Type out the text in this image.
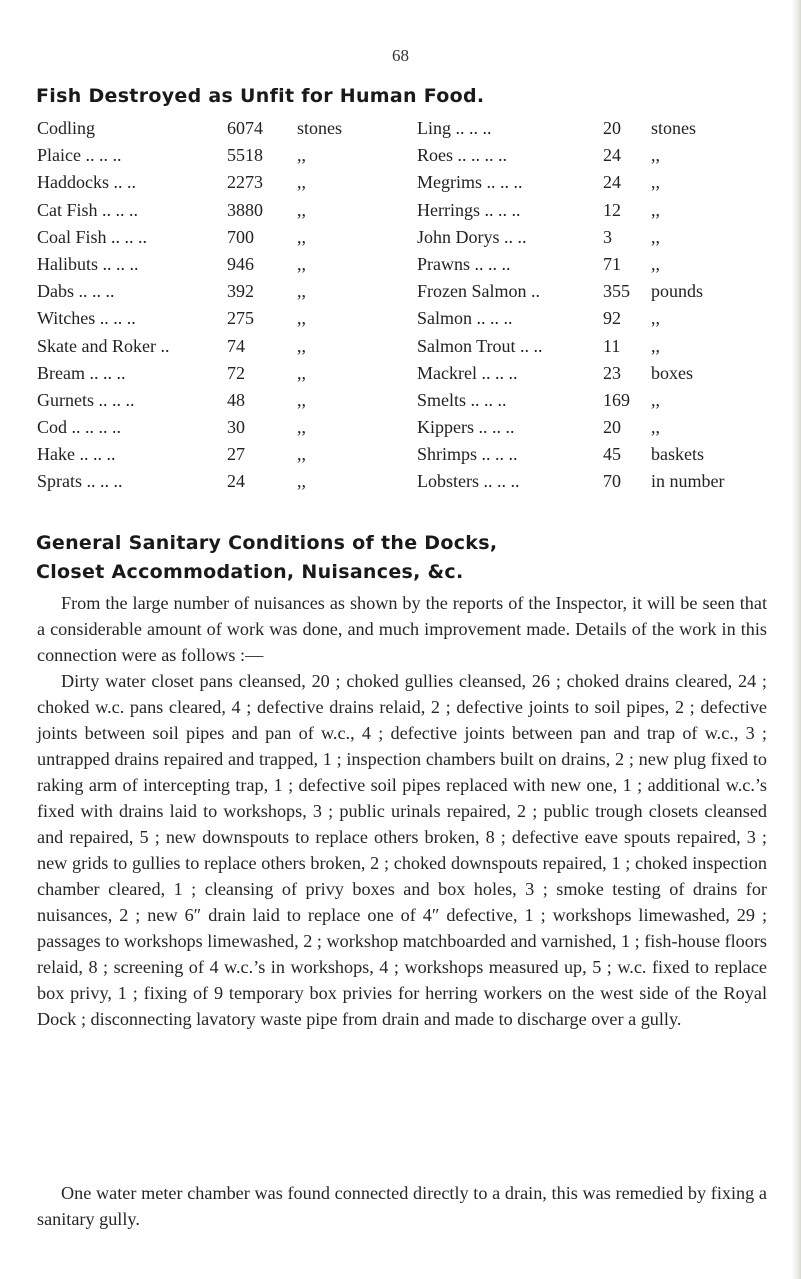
68
Fish Destroyed as Unfit for Human Food.
Codling	6074 stones	Ling .. .. ..	20 stones
Plaice .. .. ..	5518 ,,	Roes .. .. .. ..	24 ,,
Haddocks .. ..	2273 ,,	Megrims .. .. ..	24 ,,
Cat Fish .. .. ..	3880 ,,	Herrings .. .. ..	12 ,,
Coal Fish .. .. ..	700 ,,	John Dorys .. ..	3 ,,
Halibuts .. .. ..	946 ,,	Prawns .. .. ..	71 ,,
Dabs .. .. ..	392 ,,	Frozen Salmon ..	355 pounds
Witches .. .. ..	275 ,,	Salmon .. .. ..	92 ,,
Skate and Roker ..	74	,,	Salmon Trout .. ..	11 ,,
Bream .. .. ..	72	,,	Mackrel .. .. ..	23 boxes
Gurnets .. .. ..	48	,,	Smelts .. .. ..	169 ,,
Cod .. .. .. ..	30	,,	Kippers .. .. ..	20 ,,
Hake .. .. ..	27	,,	Shrimps .. .. ..	45 baskets
Sprats .. .. ..	24	,,	Lobsters .. .. ..	70 in number
General Sanitary Conditions of the Docks,
Closet Accommodation, Nuisances, &c.

From the large number of nuisances as shown by the reports of the Inspector, it will be seen that a considerable amount of work was done, and much improvement made. Details of the work in this connection were as follows :—

Dirty water closet pans cleansed, 20 ; choked gullies cleansed, 26 ; choked drains cleared, 24 ; choked w.c. pans cleared, 4 ; defective drains relaid, 2 ; defective joints to soil pipes, 2 ; defective joints between soil pipes and pan of w.c., 4 ; defective joints between pan and trap of w.c., 3 ; untrapped drains repaired and trapped, 1 ; inspection chambers built on drains, 2 ; new plug fixed to raking arm of intercepting trap, 1 ; defective soil pipes replaced with new one, 1 ; additional w.c.’s fixed with drains laid to workshops, 3 ; public urinals repaired, 2 ; public trough closets cleansed and repaired, 5 ; new downspouts to replace others broken, 8 ; defective eave spouts repaired, 3 ; new grids to gullies to replace others broken, 2 ; choked downspouts repaired, 1 ; choked inspection chamber cleared, 1 ; cleansing of privy boxes and box holes, 3 ; smoke testing of drains for nuisances, 2 ; new 6″ drain laid to replace one of 4″ defective, 1 ; workshops limewashed, 29 ; passages to workshops limewashed, 2 ; workshop matchboarded and varnished, 1 ; fish-house floors relaid, 8 ; screening of 4 w.c.’s in workshops, 4 ; workshops measured up, 5 ; w.c. fixed to replace box privy, 1 ; fixing of 9 temporary box privies for herring workers on the west side of the Royal Dock ; disconnecting lavatory waste pipe from drain and made to discharge over a gully.

One water meter chamber was found connected directly to a drain, this was remedied by fixing a sanitary gully.
